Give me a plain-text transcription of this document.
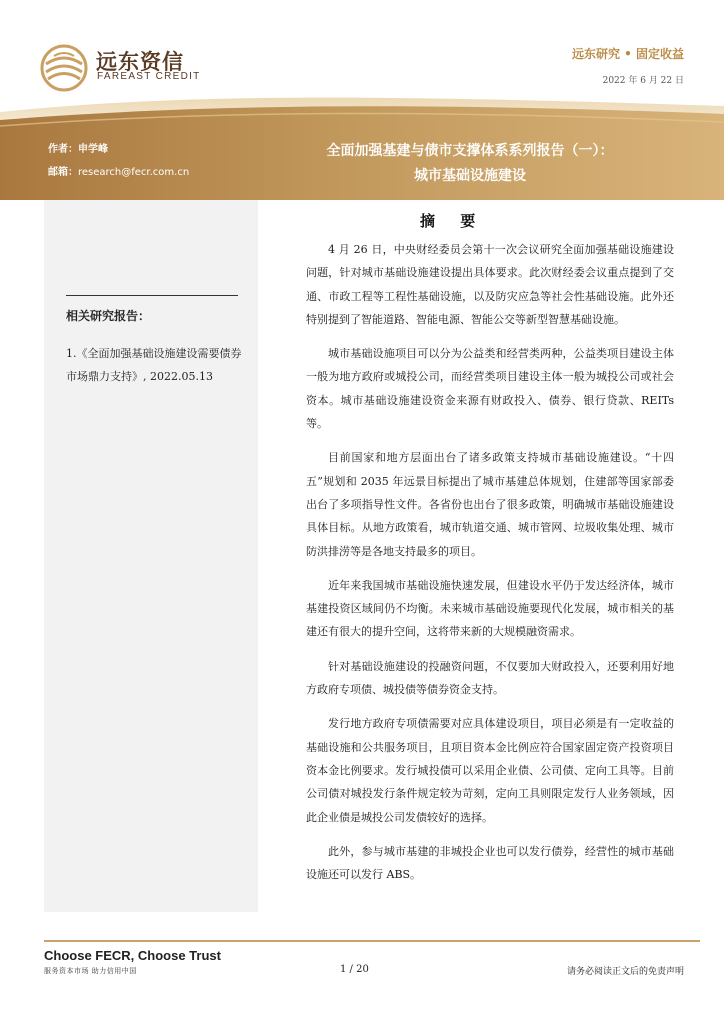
远东资信
FAREAST CREDIT
远东研究 • 固定收益
2022 年 6 月 22 日
作者：申学峰
邮箱：research@fecr.com.cn
全面加强基建与债市支撑体系系列报告（一）：
城市基础设施建设
相关研究报告：
1.《全面加强基础设施建设需要债券市场鼎力支持》, 2022.05.13
摘 要

4 月 26 日，中央财经委员会第十一次会议研究全面加强基础设施建设问题，针对城市基础设施建设提出具体要求。此次财经委会议重点提到了交通、市政工程等工程性基础设施，以及防灾应急等社会性基础设施。此外还特别提到了智能道路、智能电源、智能公交等新型智慧基础设施。

城市基础设施项目可以分为公益类和经营类两种，公益类项目建设主体一般为地方政府或城投公司，而经营类项目建设主体一般为城投公司或社会资本。城市基础设施建设资金来源有财政投入、债券、银行贷款、REITs 等。

目前国家和地方层面出台了诸多政策支持城市基础设施建设。“十四五”规划和 2035 年远景目标提出了城市基建总体规划，住建部等国家部委出台了多项指导性文件。各省份也出台了很多政策，明确城市基础设施建设具体目标。从地方政策看，城市轨道交通、城市管网、垃圾收集处理、城市防洪排涝等是各地支持最多的项目。

近年来我国城市基础设施快速发展，但建设水平仍于发达经济体，城市基建投资区域间仍不均衡。未来城市基础设施要现代化发展，城市相关的基建还有很大的提升空间，这将带来新的大规模融资需求。

针对基础设施建设的投融资问题，不仅要加大财政投入，还要利用好地方政府专项债、城投债等债券资金支持。

发行地方政府专项债需要对应具体建设项目，项目必须是有一定收益的基础设施和公共服务项目，且项目资本金比例应符合国家固定资产投资项目资本金比例要求。发行城投债可以采用企业债、公司债、定向工具等。目前公司债对城投发行条件规定较为苛刻，定向工具则限定发行人业务领域，因此企业债是城投公司发债较好的选择。

此外，参与城市基建的非城投企业也可以发行债券，经营性的城市基础设施还可以发行 ABS。

Choose FECR, Choose Trust
服务资本市场 助力信用中国	1 / 20	请务必阅读正文后的免责声明
